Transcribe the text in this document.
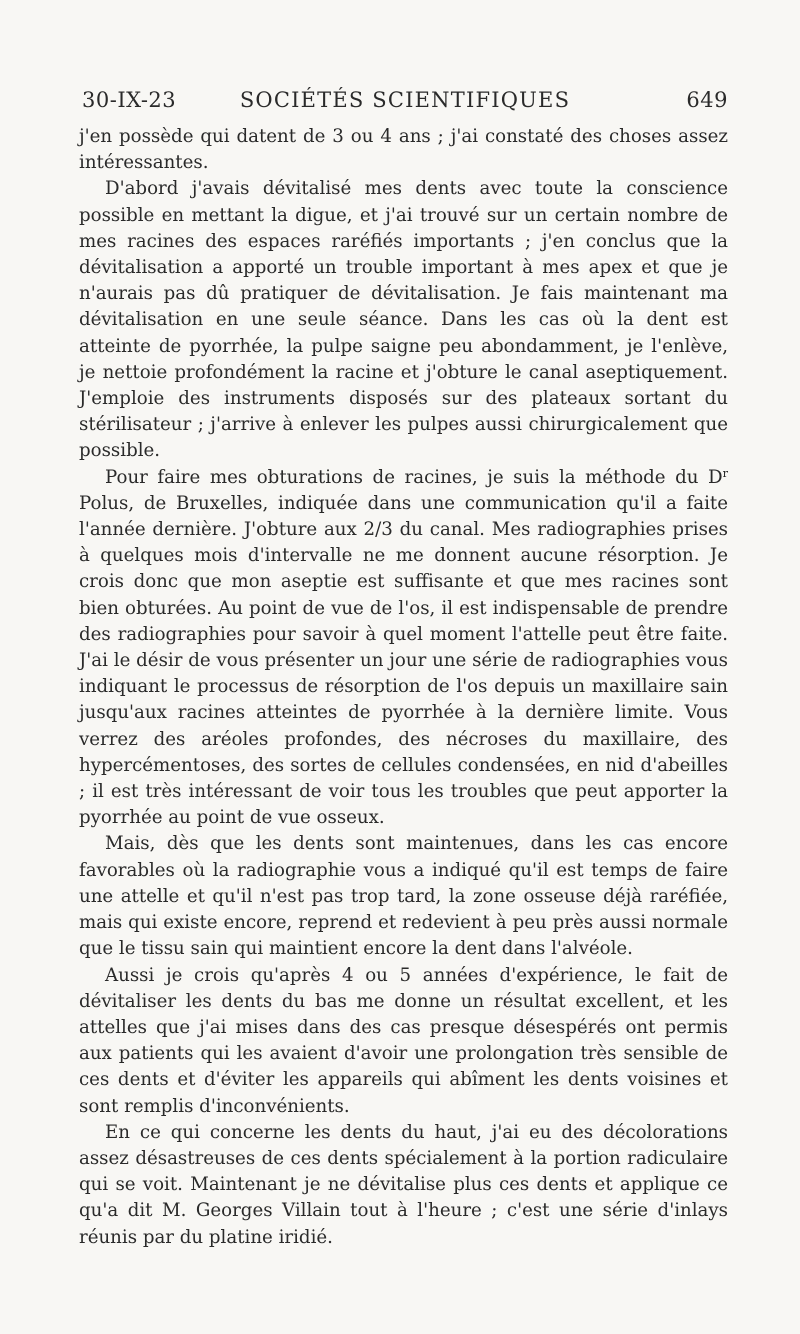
30-IX-23	SOCIÉTÉS SCIENTIFIQUES	649

j'en possède qui datent de 3 ou 4 ans ; j'ai constaté des choses assez intéressantes.

D'abord j'avais dévitalisé mes dents avec toute la conscience possible en mettant la digue, et j'ai trouvé sur un certain nombre de mes racines des espaces raréfiés importants ; j'en conclus que la dévitalisation a apporté un trouble important à mes apex et que je n'aurais pas dû pratiquer de dévitalisation. Je fais maintenant ma dévitalisation en une seule séance. Dans les cas où la dent est atteinte de pyorrhée, la pulpe saigne peu abondamment, je l'enlève, je nettoie profondément la racine et j'obture le canal aseptiquement. J'emploie des instruments disposés sur des plateaux sortant du stérilisateur ; j'arrive à enlever les pulpes aussi chirurgicalement que possible.

Pour faire mes obturations de racines, je suis la méthode du $D^r$ Polus, de Bruxelles, indiquée dans une communication qu'il a faite l'année dernière. J'obture aux 2/3 du canal. Mes radiographies prises à quelques mois d'intervalle ne me donnent aucune résorption. Je crois donc que mon aseptie est suffisante et que mes racines sont bien obturées. Au point de vue de l'os, il est indispensable de prendre des radiographies pour savoir à quel moment l'attelle peut être faite. J'ai le désir de vous présenter un jour une série de radiographies vous indiquant le processus de résorption de l'os depuis un maxillaire sain jusqu'aux racines atteintes de pyorrhée à la dernière limite. Vous verrez des aréoles profondes, des nécroses du maxillaire, des hypercémentoses, des sortes de cellules condensées, en nid d'abeilles ; il est très intéressant de voir tous les troubles que peut apporter la pyorrhée au point de vue osseux.

Mais, dès que les dents sont maintenues, dans les cas encore favorables où la radiographie vous a indiqué qu'il est temps de faire une attelle et qu'il n'est pas trop tard, la zone osseuse déjà raréfiée, mais qui existe encore, reprend et redevient à peu près aussi normale que le tissu sain qui maintient encore la dent dans l'alvéole.

Aussi je crois qu'après 4 ou 5 années d'expérience, le fait de dévitaliser les dents du bas me donne un résultat excellent, et les attelles que j'ai mises dans des cas presque désespérés ont permis aux patients qui les avaient d'avoir une prolongation très sensible de ces dents et d'éviter les appareils qui abîment les dents voisines et sont remplis d'inconvénients.

En ce qui concerne les dents du haut, j'ai eu des décolorations assez désastreuses de ces dents spécialement à la portion radiculaire qui se voit. Maintenant je ne dévitalise plus ces dents et applique ce qu'a dit M. Georges Villain tout à l'heure ; c'est une série d'inlays réunis par du platine iridié.
